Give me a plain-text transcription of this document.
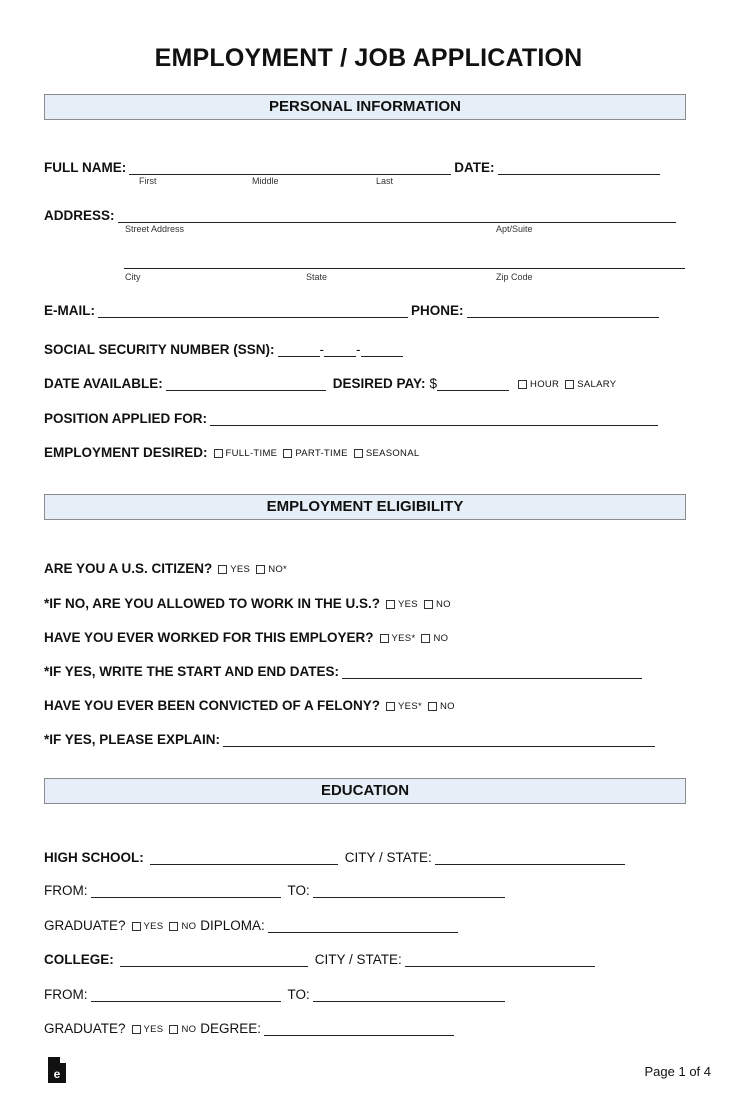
EMPLOYMENT / JOB APPLICATION
PERSONAL INFORMATION
FULL NAME:	DATE:
First	Middle	Last
ADDRESS:
Street Address	Apt/Suite
City	State	Zip Code
E-MAIL:	PHONE:
SOCIAL SECURITY NUMBER (SSN):	- -
DATE AVAILABLE:	DESIRED PAY: $	HOUR SALARY
POSITION APPLIED FOR:
EMPLOYMENT DESIRED: FULL-TIME PART-TIME SEASONAL
EMPLOYMENT ELIGIBILITY
ARE YOU A U.S. CITIZEN? YES NO*
*IF NO, ARE YOU ALLOWED TO WORK IN THE U.S.? YES NO
HAVE YOU EVER WORKED FOR THIS EMPLOYER? YES* NO
*IF YES, WRITE THE START AND END DATES:
HAVE YOU EVER BEEN CONVICTED OF A FELONY? YES* NO
*IF YES, PLEASE EXPLAIN:
EDUCATION
HIGH SCHOOL:	CITY / STATE:
FROM:	TO:
GRADUATE? YES NO DIPLOMA:
COLLEGE:	CITY / STATE:
FROM:	TO:
GRADUATE? YES NO DEGREE:
e	Page 1 of 4
